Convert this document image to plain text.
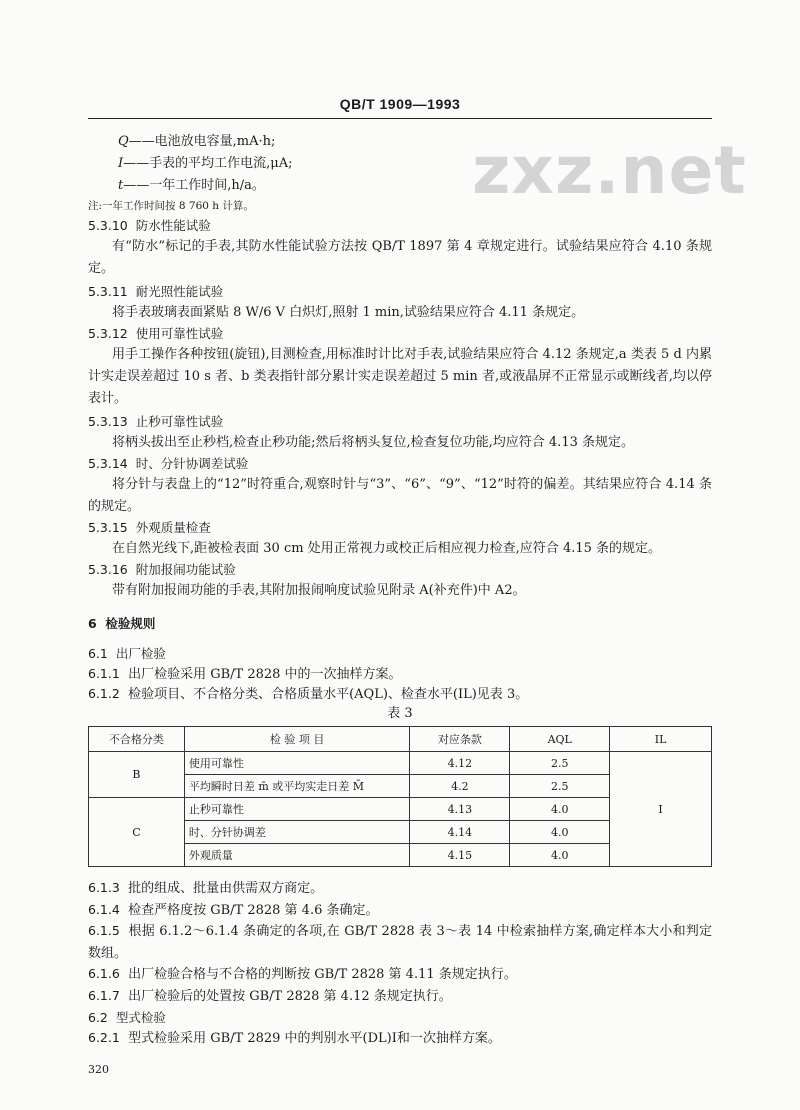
QB/T 1909—1993
zxz.net
Q——电池放电容量,mA·h;
I——手表的平均工作电流,μA;
t——一年工作时间,h/a。
注:一年工作时间按 8 760 h 计算。
5.3.10 防水性能试验
有“防水”标记的手表,其防水性能试验方法按 QB/T 1897 第 4 章规定进行。试验结果应符合 4.10 条规定。
5.3.11 耐光照性能试验
将手表玻璃表面紧贴 8 W/6 V 白炽灯,照射 1 min,试验结果应符合 4.11 条规定。
5.3.12 使用可靠性试验
用手工操作各种按钮(旋钮),目测检查,用标准时计比对手表,试验结果应符合 4.12 条规定,a 类表 5 d 内累计实走误差超过 10 s 者、b 类表指针部分累计实走误差超过 5 min 者,或液晶屏不正常显示或断线者,均以停表计。
5.3.13 止秒可靠性试验
将柄头拔出至止秒档,检查止秒功能;然后将柄头复位,检查复位功能,均应符合 4.13 条规定。
5.3.14 时、分针协调差试验
将分针与表盘上的“12”时符重合,观察时针与“3”、“6”、“9”、“12”时符的偏差。其结果应符合 4.14 条的规定。
5.3.15 外观质量检查
在自然光线下,距被检表面 30 cm 处用正常视力或校正后相应视力检查,应符合 4.15 条的规定。
5.3.16 附加报闹功能试验
带有附加报闹功能的手表,其附加报闹响度试验见附录 A(补充件)中 A2。
6 检验规则
6.1 出厂检验
6.1.1 出厂检验采用 GB/T 2828 中的一次抽样方案。
6.1.2 检验项目、不合格分类、合格质量水平(AQL)、检查水平(IL)见表 3。
表 3
不合格分类	检 验 项 目	对应条款	AQL	IL
B	使用可靠性	4.12	2.5	I
	平均瞬时日差 m̄ 或平均实走日差 M̄	4.2	2.5	
C	止秒可靠性	4.13	4.0	
	时、分针协调差	4.14	4.0	
	外观质量	4.15	4.0	
6.1.3 批的组成、批量由供需双方商定。
6.1.4 检查严格度按 GB/T 2828 第 4.6 条确定。
6.1.5 根据 6.1.2～6.1.4 条确定的各项,在 GB/T 2828 表 3～表 14 中检索抽样方案,确定样本大小和判定数组。
6.1.6 出厂检验合格与不合格的判断按 GB/T 2828 第 4.11 条规定执行。
6.1.7 出厂检验后的处置按 GB/T 2828 第 4.12 条规定执行。
6.2 型式检验
6.2.1 型式检验采用 GB/T 2829 中的判别水平(DL)Ⅰ和一次抽样方案。
320
